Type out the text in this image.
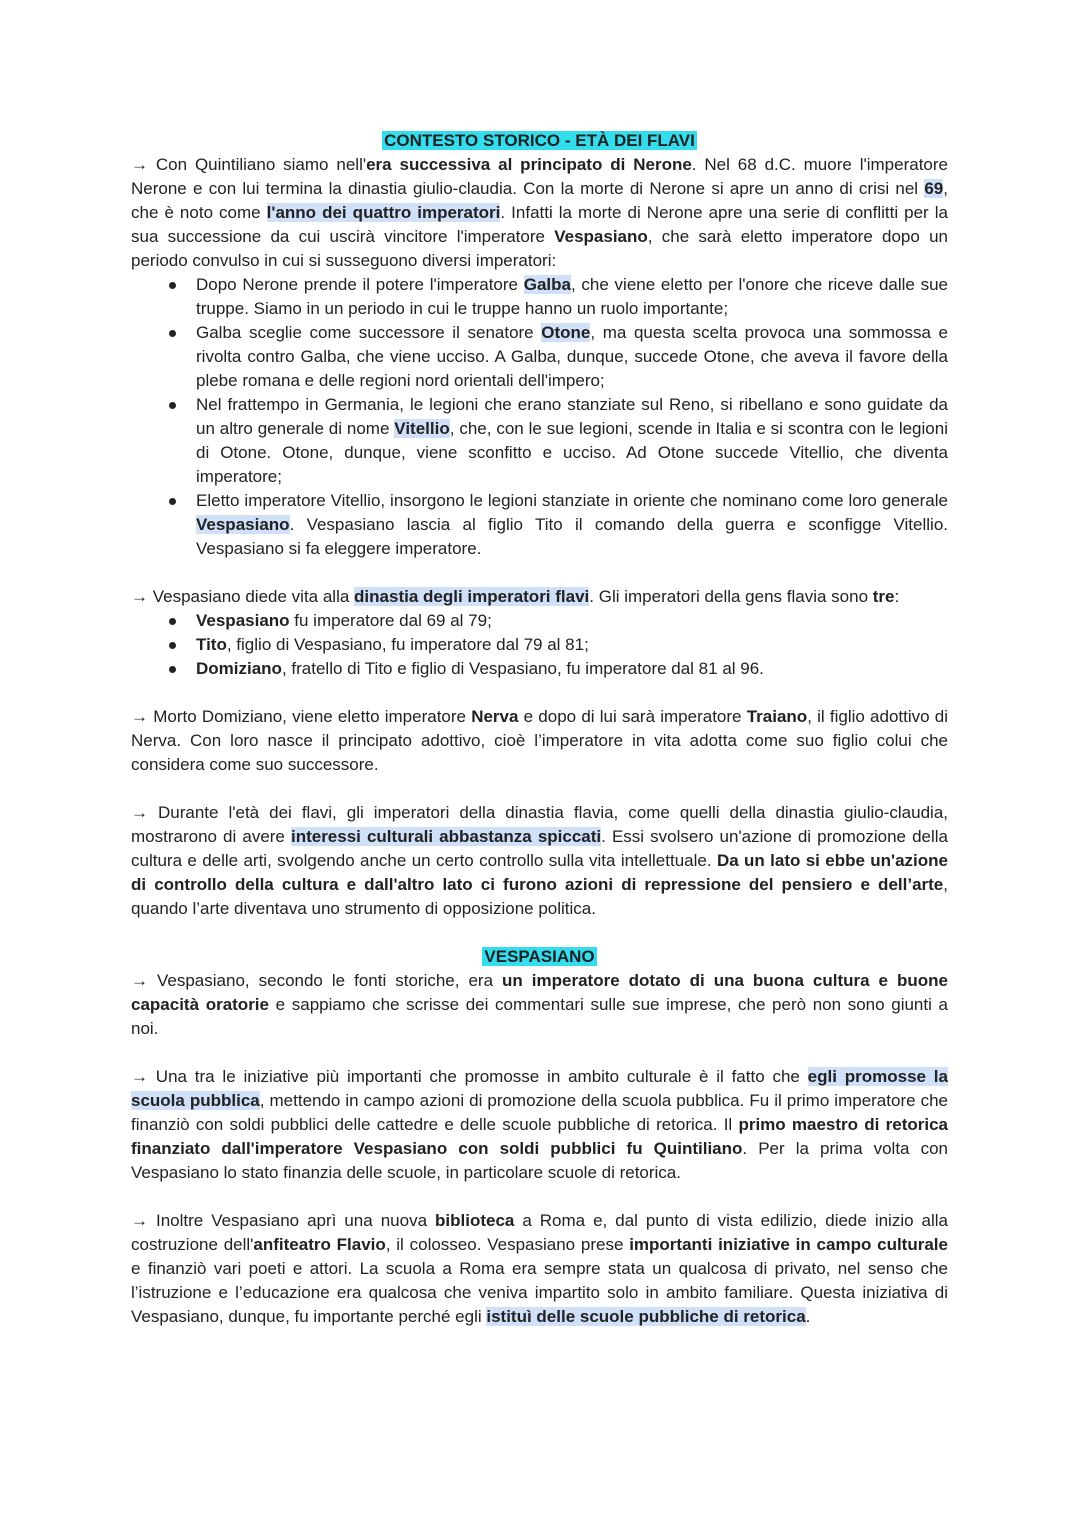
CONTESTO STORICO - ETÀ DEI FLAVI

→ Con Quintiliano siamo nell'era successiva al principato di Nerone. Nel 68 d.C. muore l'imperatore Nerone e con lui termina la dinastia giulio-claudia. Con la morte di Nerone si apre un anno di crisi nel 69, che è noto come l'anno dei quattro imperatori. Infatti la morte di Nerone apre una serie di conflitti per la sua successione da cui uscirà vincitore l'imperatore Vespasiano, che sarà eletto imperatore dopo un periodo convulso in cui si susseguono diversi imperatori:

Dopo Nerone prende il potere l'imperatore Galba, che viene eletto per l'onore che riceve dalle sue truppe. Siamo in un periodo in cui le truppe hanno un ruolo importante;
Galba sceglie come successore il senatore Otone, ma questa scelta provoca una sommossa e rivolta contro Galba, che viene ucciso. A Galba, dunque, succede Otone, che aveva il favore della plebe romana e delle regioni nord orientali dell'impero;
Nel frattempo in Germania, le legioni che erano stanziate sul Reno, si ribellano e sono guidate da un altro generale di nome Vitellio, che, con le sue legioni, scende in Italia e si scontra con le legioni di Otone. Otone, dunque, viene sconfitto e ucciso. Ad Otone succede Vitellio, che diventa imperatore;
Eletto imperatore Vitellio, insorgono le legioni stanziate in oriente che nominano come loro generale Vespasiano. Vespasiano lascia al figlio Tito il comando della guerra e sconfigge Vitellio. Vespasiano si fa eleggere imperatore.

→ Vespasiano diede vita alla dinastia degli imperatori flavi. Gli imperatori della gens flavia sono tre:

Vespasiano fu imperatore dal 69 al 79;
Tito, figlio di Vespasiano, fu imperatore dal 79 al 81;
Domiziano, fratello di Tito e figlio di Vespasiano, fu imperatore dal 81 al 96.

→ Morto Domiziano, viene eletto imperatore Nerva e dopo di lui sarà imperatore Traiano, il figlio adottivo di Nerva. Con loro nasce il principato adottivo, cioè l’imperatore in vita adotta come suo figlio colui che considera come suo successore.

→ Durante l'età dei flavi, gli imperatori della dinastia flavia, come quelli della dinastia giulio-claudia, mostrarono di avere interessi culturali abbastanza spiccati. Essi svolsero un'azione di promozione della cultura e delle arti, svolgendo anche un certo controllo sulla vita intellettuale. Da un lato si ebbe un'azione di controllo della cultura e dall'altro lato ci furono azioni di repressione del pensiero e dell’arte, quando l’arte diventava uno strumento di opposizione politica.

VESPASIANO

→ Vespasiano, secondo le fonti storiche, era un imperatore dotato di una buona cultura e buone capacità oratorie e sappiamo che scrisse dei commentari sulle sue imprese, che però non sono giunti a noi.

→ Una tra le iniziative più importanti che promosse in ambito culturale è il fatto che egli promosse la scuola pubblica, mettendo in campo azioni di promozione della scuola pubblica. Fu il primo imperatore che finanziò con soldi pubblici delle cattedre e delle scuole pubbliche di retorica. Il primo maestro di retorica finanziato dall'imperatore Vespasiano con soldi pubblici fu Quintiliano. Per la prima volta con Vespasiano lo stato finanzia delle scuole, in particolare scuole di retorica.

→ Inoltre Vespasiano aprì una nuova biblioteca a Roma e, dal punto di vista edilizio, diede inizio alla costruzione dell'anfiteatro Flavio, il colosseo. Vespasiano prese importanti iniziative in campo culturale e finanziò vari poeti e attori. La scuola a Roma era sempre stata un qualcosa di privato, nel senso che l’istruzione e l’educazione era qualcosa che veniva impartito solo in ambito familiare. Questa iniziativa di Vespasiano, dunque, fu importante perché egli istituì delle scuole pubbliche di retorica.
